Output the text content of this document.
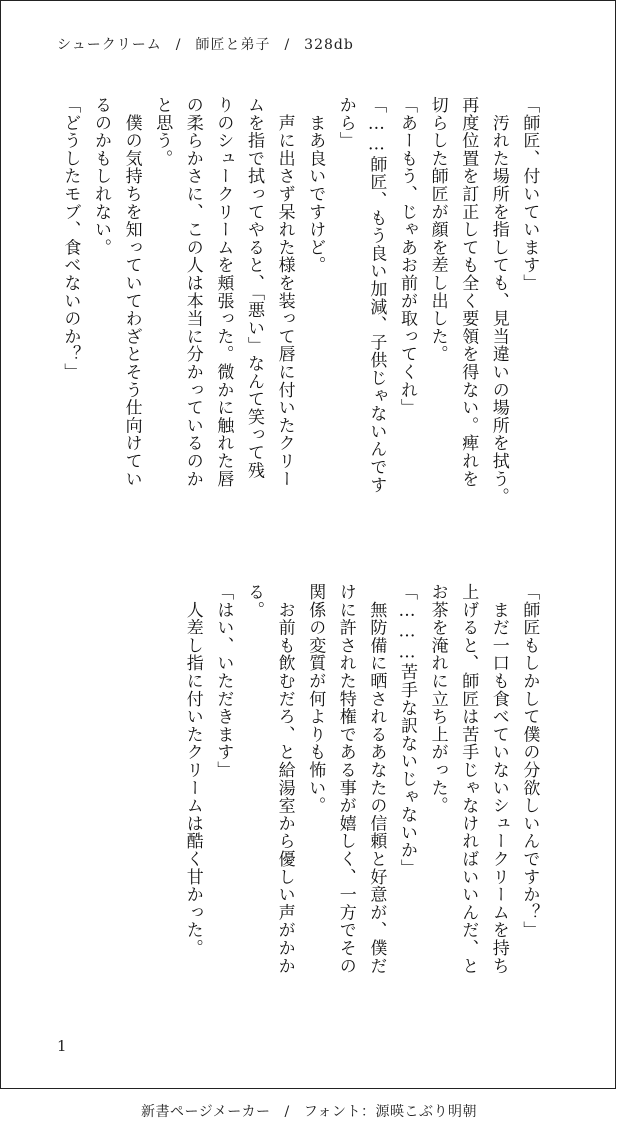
シュークリーム / 師匠と弟子 / 328db
「師匠、付いています」
　汚れた場所を指しても、見当違いの場所を拭う。
再度位置を訂正しても全く要領を得ない。痺れを
切らした師匠が顔を差し出した。
「あーもう、じゃあお前が取ってくれ」
「……師匠、もう良い加減、子供じゃないんです
から」
　まあ良いですけど。
　声に出さず呆れた様を装って唇に付いたクリー
ムを指で拭ってやると、「悪い」なんて笑って残
りのシュークリームを頬張った。微かに触れた唇
の柔らかさに、この人は本当に分かっているのか
と思う。
　僕の気持ちを知っていてわざとそう仕向けてい
るのかもしれない。
「どうしたモブ、食べないのか？」
「師匠もしかして僕の分欲しいんですか？」
　まだ一口も食べていないシュークリームを持ち
上げると、師匠は苦手じゃなければいいんだ、と
お茶を淹れに立ち上がった。
「………苦手な訳ないじゃないか」
　無防備に晒されるあなたの信頼と好意が、僕だ
けに許された特権である事が嬉しく、一方でその
関係の変質が何よりも怖い。
　お前も飲むだろ、と給湯室から優しい声がかか
る。
「はい、いただきます」
　人差し指に付いたクリームは酷く甘かった。
1
新書ページメーカー / フォント：源暎こぶり明朝
